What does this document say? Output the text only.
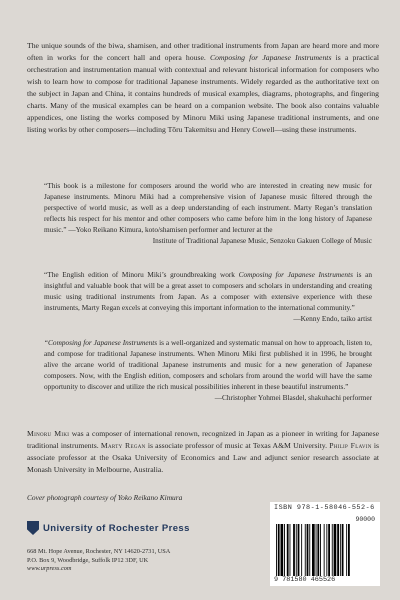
The unique sounds of the biwa, shamisen, and other traditional instruments from Japan are heard more and more often in works for the concert hall and opera house. Composing for Japanese Instruments is a practical orchestration and instrumentation manual with contextual and relevant historical information for composers who wish to learn how to compose for traditional Japanese instruments. Widely regarded as the authoritative text on the subject in Japan and China, it contains hundreds of musical examples, diagrams, photographs, and fingering charts. Many of the musical examples can be heard on a companion website. The book also contains valuable appendices, one listing the works composed by Minoru Miki using Japanese traditional instruments, and one listing works by other composers—including Tōru Takemitsu and Henry Cowell—using these instruments.
“This book is a milestone for composers around the world who are interested in creating new music for Japanese instruments. Minoru Miki had a comprehensive vision of Japanese music filtered through the perspective of world music, as well as a deep understanding of each instrument. Marty Regan’s translation reflects his respect for his mentor and other composers who came before him in the long history of Japanese music.” —Yoko Reikano Kimura, koto/shamisen performer and lecturer at the
Institute of Traditional Japanese Music, Senzoku Gakuen College of Music
“The English edition of Minoru Miki’s groundbreaking work Composing for Japanese Instruments is an insightful and valuable book that will be a great asset to composers and scholars in understanding and creating music using traditional instruments from Japan. As a composer with extensive experience with these instruments, Marty Regan excels at conveying this important information to the international community.”
—Kenny Endo, taiko artist
“Composing for Japanese Instruments is a well-organized and systematic manual on how to approach, listen to, and compose for traditional Japanese instruments. When Minoru Miki first published it in 1996, he brought alive the arcane world of traditional Japanese instruments and music for a new generation of Japanese composers. Now, with the English edition, composers and scholars from around the world will have the same opportunity to discover and utilize the rich musical possibilities inherent in these beautiful instruments.”
—Christopher Yohmei Blasdel, shakuhachi performer
Minoru Miki was a composer of international renown, recognized in Japan as a pioneer in writing for Japanese traditional instruments. Marty Regan is associate professor of music at Texas A&M University. Philip Flavin is associate professor at the Osaka University of Economics and Law and adjunct senior research associate at Monash University in Melbourne, Australia.
Cover photograph courtesy of Yoko Reikano Kimura
University of Rochester Press
668 Mt. Hope Avenue, Rochester, NY 14620-2731, USA
P.O. Box 9, Woodbridge, Suffolk IP12 3DF, UK
www.urpress.com
ISBN 978-1-58046-552-6
90000
9 781580 465526
